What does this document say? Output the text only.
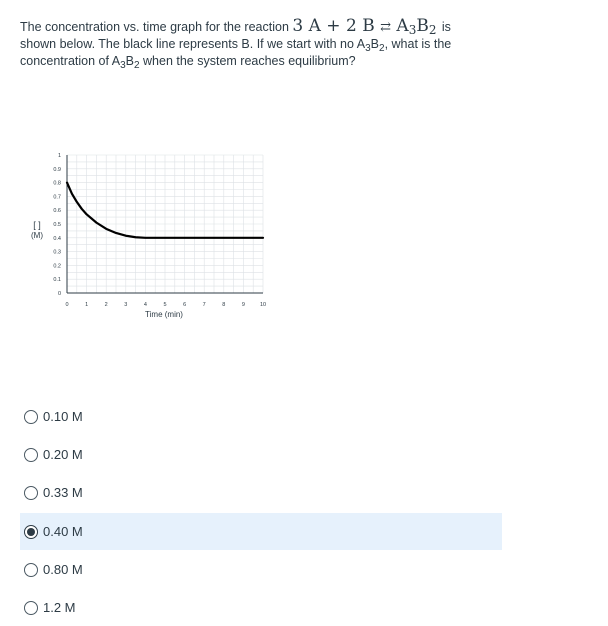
The concentration vs. time graph for the reaction 3 A + 2 B ⇄ $A_3B_2$ is
shown below. The black line represents B. If we start with no $A_3B_2$, what is the
concentration of $A_3B_2$ when the system reaches equilibrium?
0
0.1
0.2
0.3
0.4
0.5
0.6
0.7
0.8
0.9
1
0	1	2	3	4	5	6	7	8	9	10
Time (min)
[ ]
(M)
0.10 M
0.20 M
0.33 M
0.40 M
0.80 M
1.2 M
